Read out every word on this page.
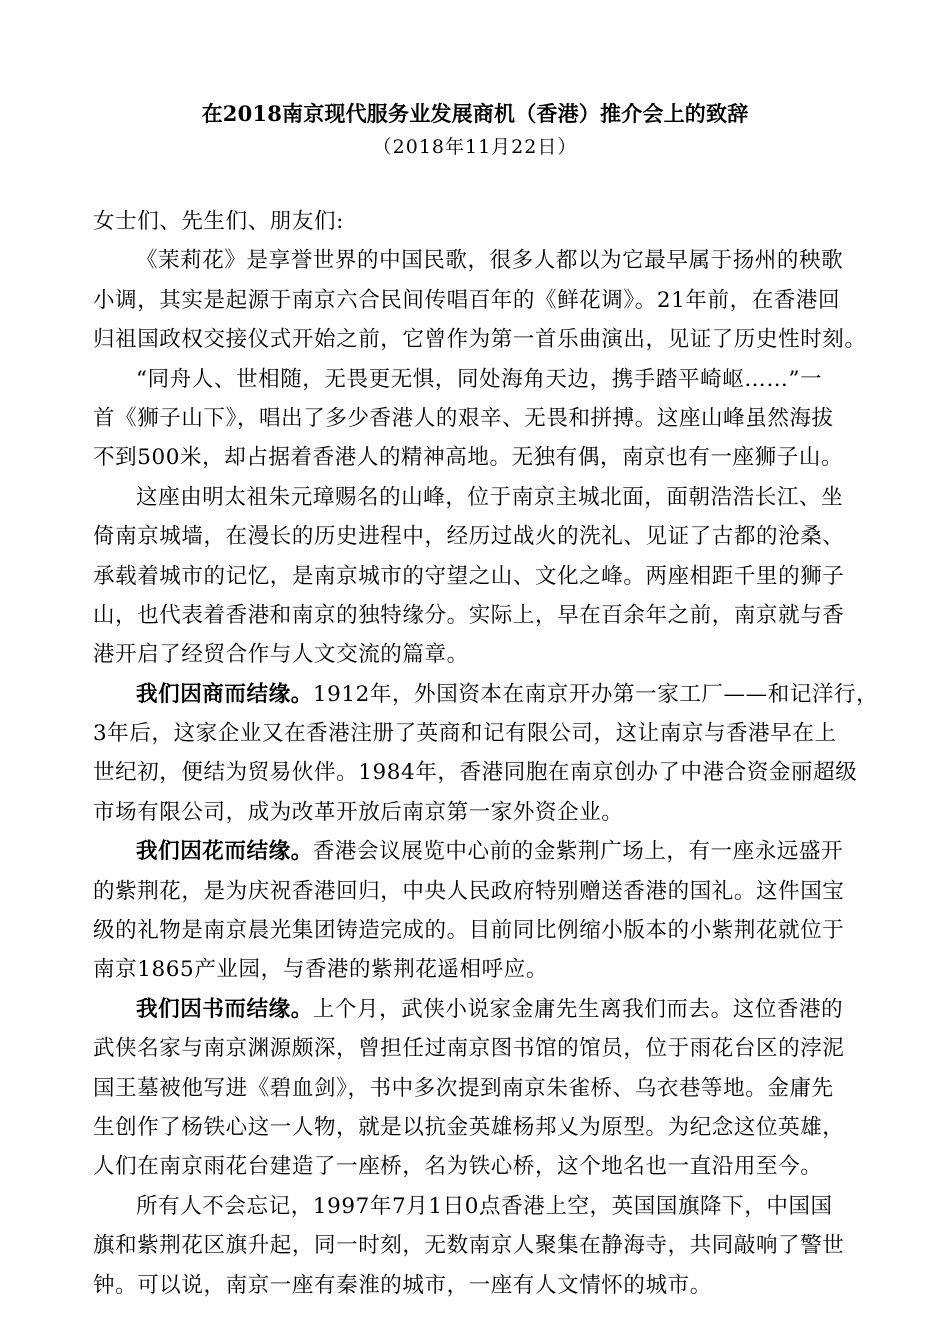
在2018南京现代服务业发展商机（香港）推介会上的致辞
（2018年11月22日）
女士们、先生们、朋友们:
《茉莉花》是享誉世界的中国民歌，很多人都以为它最早属于扬州的秧歌
小调，其实是起源于南京六合民间传唱百年的《鲜花调》。21年前，在香港回
归祖国政权交接仪式开始之前，它曾作为第一首乐曲演出，见证了历史性时刻。
“同舟人、世相随，无畏更无惧，同处海角天边，携手踏平崎岖……”一
首《狮子山下》，唱出了多少香港人的艰辛、无畏和拼搏。这座山峰虽然海拔
不到500米，却占据着香港人的精神高地。无独有偶，南京也有一座狮子山。
这座由明太祖朱元璋赐名的山峰，位于南京主城北面，面朝浩浩长江、坐
倚南京城墙，在漫长的历史进程中，经历过战火的洗礼、见证了古都的沧桑、
承载着城市的记忆，是南京城市的守望之山、文化之峰。两座相距千里的狮子
山，也代表着香港和南京的独特缘分。实际上，早在百余年之前，南京就与香
港开启了经贸合作与人文交流的篇章。
我们因商而结缘。1912年，外国资本在南京开办第一家工厂——和记洋行，
3年后，这家企业又在香港注册了英商和记有限公司，这让南京与香港早在上
世纪初，便结为贸易伙伴。1984年，香港同胞在南京创办了中港合资金丽超级
市场有限公司，成为改革开放后南京第一家外资企业。
我们因花而结缘。香港会议展览中心前的金紫荆广场上，有一座永远盛开
的紫荆花，是为庆祝香港回归，中央人民政府特别赠送香港的国礼。这件国宝
级的礼物是南京晨光集团铸造完成的。目前同比例缩小版本的小紫荆花就位于
南京1865产业园，与香港的紫荆花遥相呼应。
我们因书而结缘。上个月，武侠小说家金庸先生离我们而去。这位香港的
武侠名家与南京渊源颇深，曾担任过南京图书馆的馆员，位于雨花台区的浡泥
国王墓被他写进《碧血剑》，书中多次提到南京朱雀桥、乌衣巷等地。金庸先
生创作了杨铁心这一人物，就是以抗金英雄杨邦乂为原型。为纪念这位英雄，
人们在南京雨花台建造了一座桥，名为铁心桥，这个地名也一直沿用至今。
所有人不会忘记，1997年7月1日0点香港上空，英国国旗降下，中国国
旗和紫荆花区旗升起，同一时刻，无数南京人聚集在静海寺，共同敲响了警世
钟。可以说，南京一座有秦淮的城市，一座有人文情怀的城市。
